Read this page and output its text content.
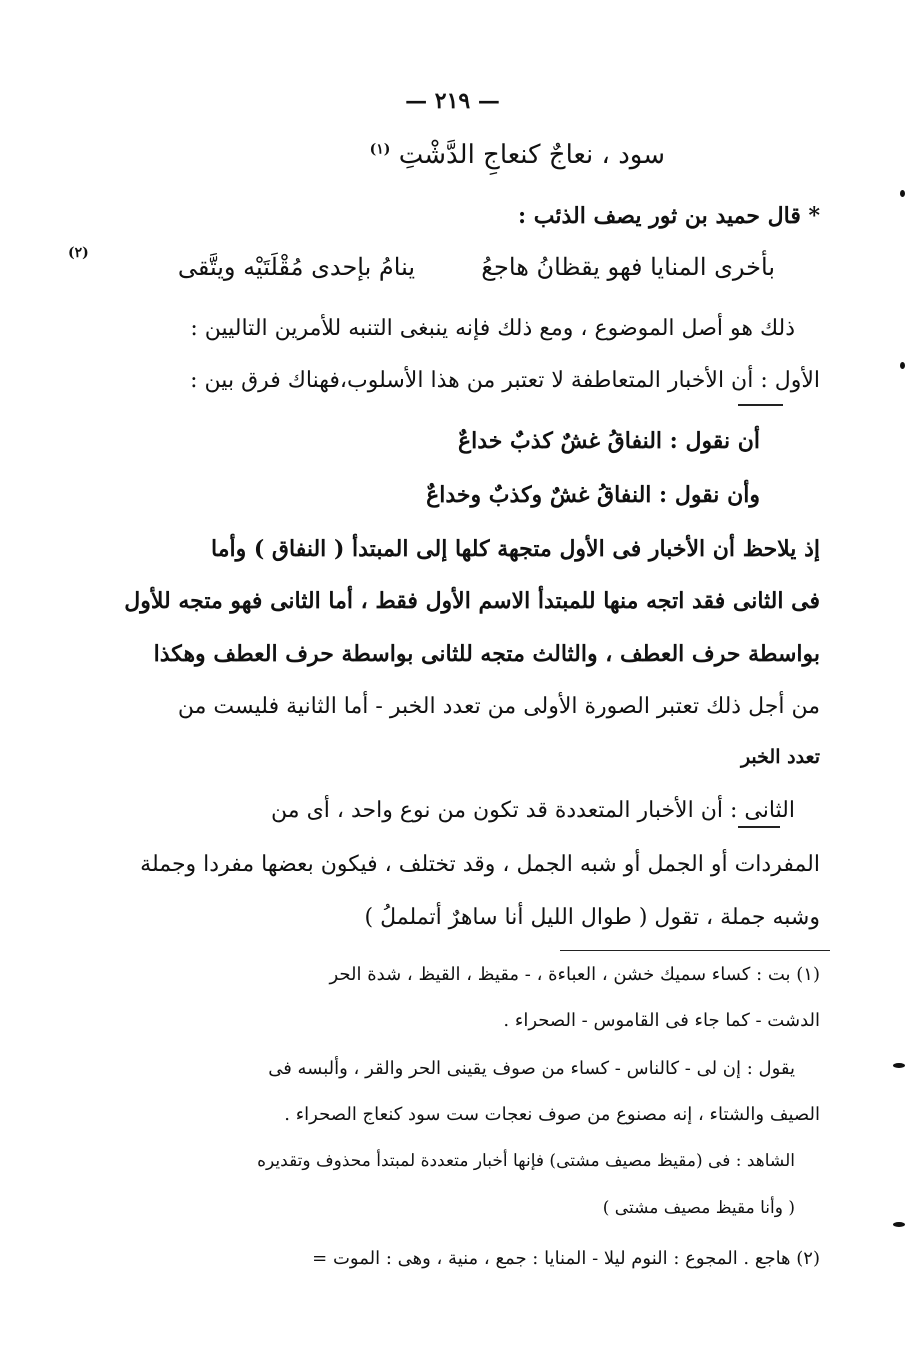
— ٢١٩ —
سود ، نعاجٌ كنعاجِ الدَّشْتِ $^{(١)}$
* قال حميد بن ثور يصف الذئب :
ينامُ بإحدى مُقْلَتَيْه ويتَّقى	بأخرى المنايا فهو يقظانُ هاجعُ
(٢)
ذلك هو أصل الموضوع ، ومع ذلك فإنه ينبغى التنبه للأمرين التاليين :
الأول : أن الأخبار المتعاطفة لا تعتبر من هذا الأسلوب،فهناك فرق بين :
أن نقول : النفاقُ غشٌ كذبٌ خداعٌ
وأن نقول : النفاقُ غشٌ وكذبٌ وخداعٌ
إذ يلاحظ أن الأخبار فى الأول متجهة كلها إلى المبتدأ ( النفاق ) وأما
فى الثانى فقد اتجه منها للمبتدأ الاسم الأول فقط ، أما الثانى فهو متجه للأول
بواسطة حرف العطف ، والثالث متجه للثانى بواسطة حرف العطف وهكذا
من أجل ذلك تعتبر الصورة الأولى من تعدد الخبر - أما الثانية فليست من
تعدد الخبر
الثانى : أن الأخبار المتعددة قد تكون من نوع واحد ، أى من
المفردات أو الجمل أو شبه الجمل ، وقد تختلف ، فيكون بعضها مفردا وجملة
وشبه جملة ، تقول ( طوال الليل أنا ساهرٌ أتململُ )
(١) بت : كساء سميك خشن ، العباءة ، - مقيظ ، القيظ ، شدة الحر
الدشت - كما جاء فى القاموس - الصحراء .
يقول : إن لى - كالناس - كساء من صوف يقينى الحر والقر ، وألبسه فى
الصيف والشتاء ، إنه مصنوع من صوف نعجات ست سود كنعاج الصحراء .
الشاهد : فى (مقيظ مصيف مشتى) فإنها أخبار متعددة لمبتدأ محذوف وتقديره
( وأنا مقيظ مصيف مشتى )
(٢) هاجع . المجوع : النوم ليلا - المنايا : جمع ، منية ، وهى : الموت =
